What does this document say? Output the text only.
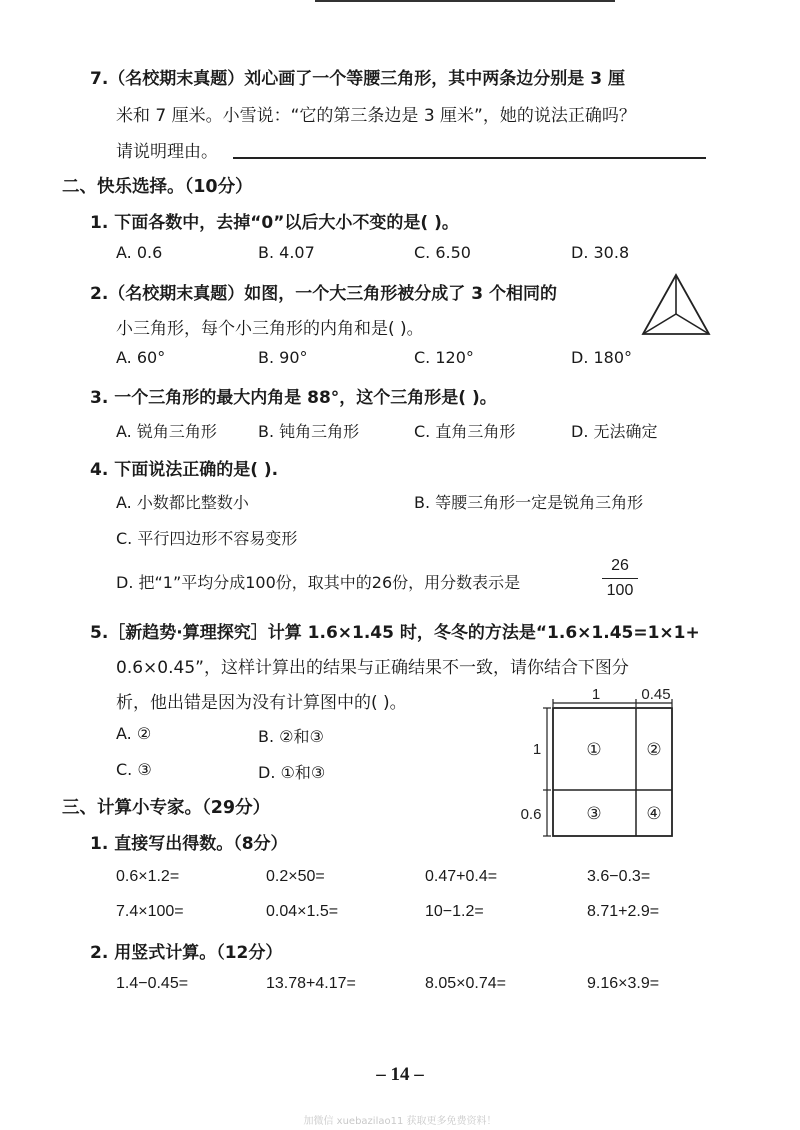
7.（名校期末真题）刘心画了一个等腰三角形，其中两条边分别是 3 厘
米和 7 厘米。小雪说：“它的第三条边是 3 厘米”，她的说法正确吗？
请说明理由。
二、快乐选择。（10分）
1. 下面各数中，去掉“0”以后大小不变的是( )。
A. 0.6	B. 4.07	C. 6.50	D. 30.8
2.（名校期末真题）如图，一个大三角形被分成了 3 个相同的
小三角形，每个小三角形的内角和是( )。
A. 60°	B. 90°	C. 120°	D. 180°
3. 一个三角形的最大内角是 88°，这个三角形是( )。
A. 锐角三角形	B. 钝角三角形	C. 直角三角形	D. 无法确定
4. 下面说法正确的是( ).
A. 小数都比整数小	B. 等腰三角形一定是锐角三角形
C. 平行四边形不容易变形
D. 把“1”平均分成100份，取其中的26份，用分数表示是
26
100
5.［新趋势·算理探究］计算 1.6×1.45 时，冬冬的方法是“1.6×1.45=1×1+
0.6×0.45”，这样计算出的结果与正确结果不一致，请你结合下图分
析，他出错是因为没有计算图中的( )。
A. ②	B. ②和③
C. ③	D. ①和③
1	0.45
1
0.6
①	②
③	④
三、计算小专家。（29分）
1. 直接写出得数。（8分）
0.6×1.2=	0.2×50=	0.47+0.4=	3.6−0.3=
7.4×100=	0.04×1.5=	10−1.2=	8.71+2.9=
2. 用竖式计算。（12分）
1.4−0.45=	13.78+4.17=	8.05×0.74=	9.16×3.9=
– 14 –
加微信 xuebazilao11 获取更多免费资料！
